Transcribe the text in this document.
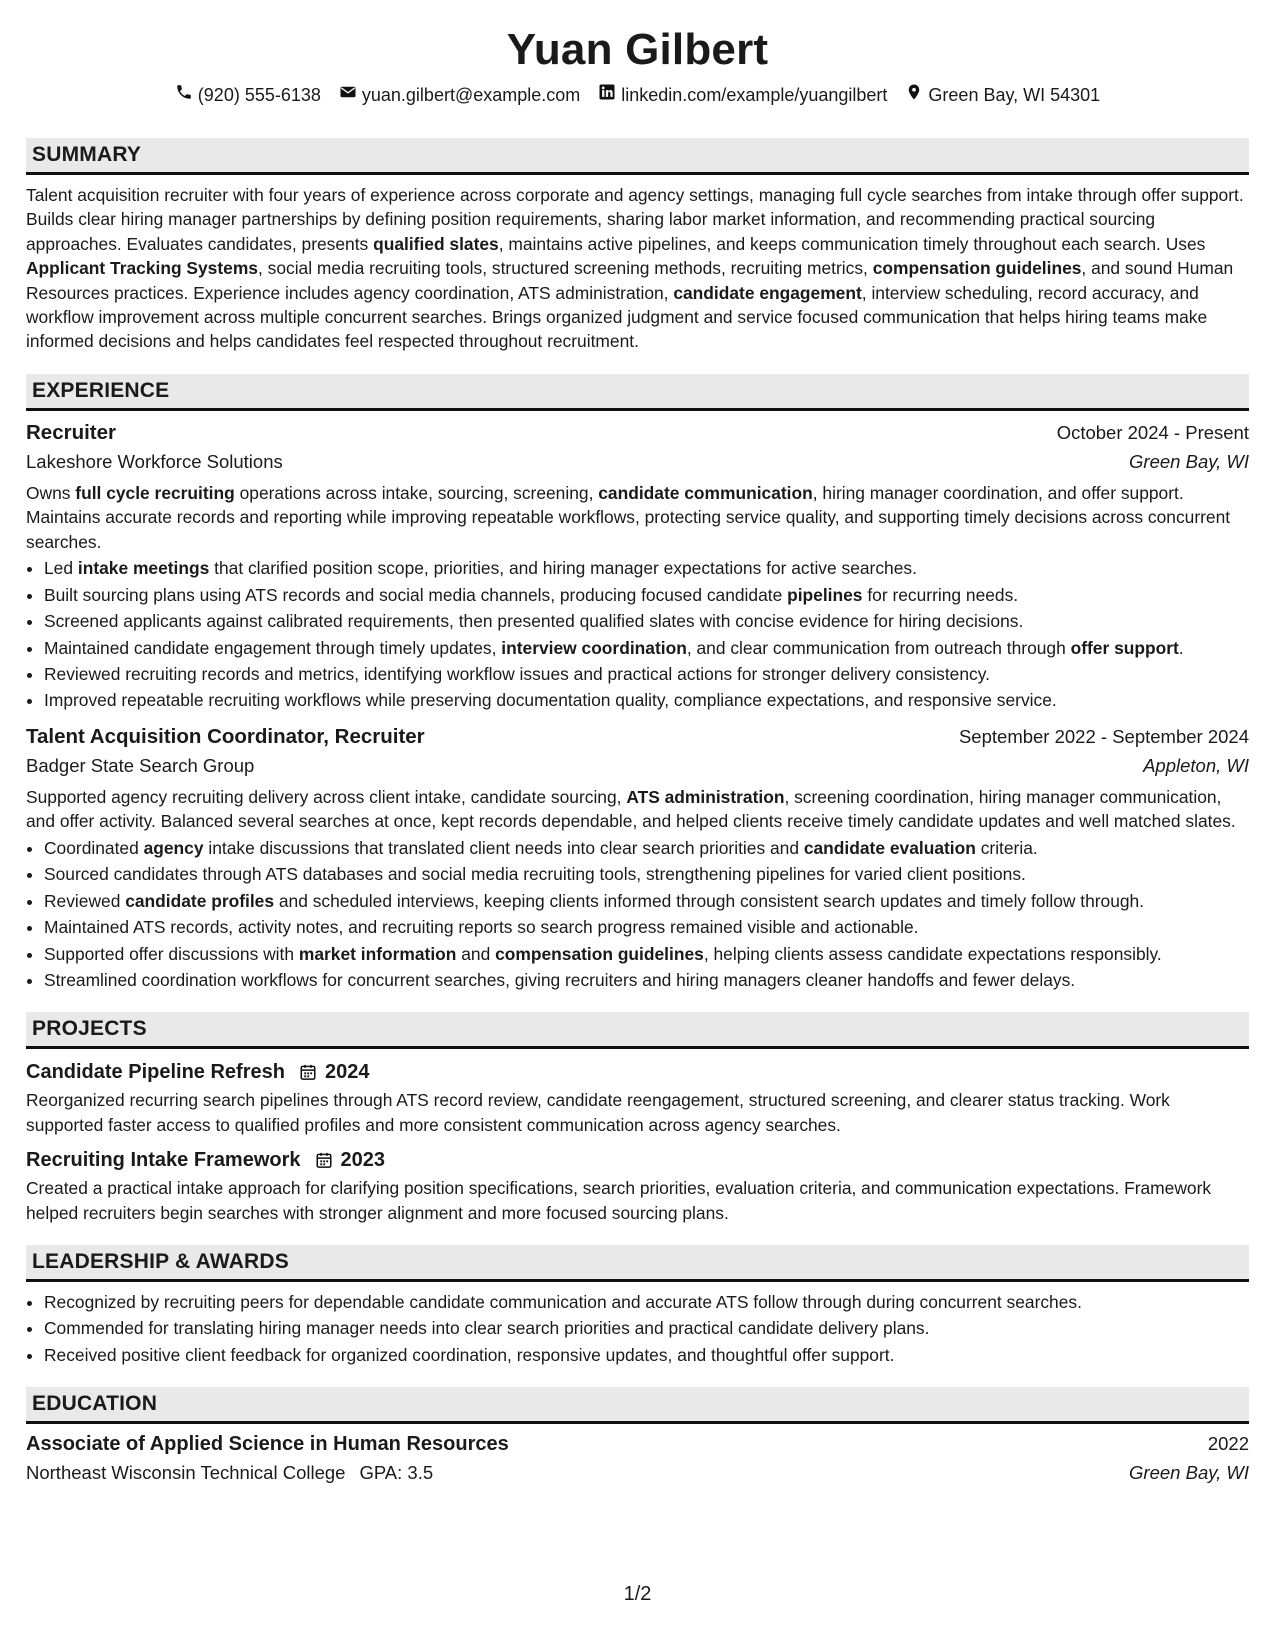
Yuan Gilbert
(920) 555-6138 yuan.gilbert@example.com linkedin.com/example/yuangilbert Green Bay, WI 54301
SUMMARY

Talent acquisition recruiter with four years of experience across corporate and agency settings, managing full cycle searches from intake through offer support. Builds clear hiring manager partnerships by defining position requirements, sharing labor market information, and recommending practical sourcing approaches. Evaluates candidates, presents qualified slates, maintains active pipelines, and keeps communication timely throughout each search. Uses Applicant Tracking Systems, social media recruiting tools, structured screening methods, recruiting metrics, compensation guidelines, and sound Human Resources practices. Experience includes agency coordination, ATS administration, candidate engagement, interview scheduling, record accuracy, and workflow improvement across multiple concurrent searches. Brings organized judgment and service focused communication that helps hiring teams make informed decisions and helps candidates feel respected throughout recruitment.

EXPERIENCE
Recruiter	October 2024 - Present
Lakeshore Workforce Solutions	Green Bay, WI

Owns full cycle recruiting operations across intake, sourcing, screening, candidate communication, hiring manager coordination, and offer support. Maintains accurate records and reporting while improving repeatable workflows, protecting service quality, and supporting timely decisions across concurrent searches.

• Led intake meetings that clarified position scope, priorities, and hiring manager expectations for active searches.
• Built sourcing plans using ATS records and social media channels, producing focused candidate pipelines for recurring needs.
• Screened applicants against calibrated requirements, then presented qualified slates with concise evidence for hiring decisions.
• Maintained candidate engagement through timely updates, interview coordination, and clear communication from outreach through offer support.
• Reviewed recruiting records and metrics, identifying workflow issues and practical actions for stronger delivery consistency.
• Improved repeatable recruiting workflows while preserving documentation quality, compliance expectations, and responsive service.
Talent Acquisition Coordinator, Recruiter	September 2022 - September 2024
Badger State Search Group	Appleton, WI

Supported agency recruiting delivery across client intake, candidate sourcing, ATS administration, screening coordination, hiring manager communication, and offer activity. Balanced several searches at once, kept records dependable, and helped clients receive timely candidate updates and well matched slates.

• Coordinated agency intake discussions that translated client needs into clear search priorities and candidate evaluation criteria.
• Sourced candidates through ATS databases and social media recruiting tools, strengthening pipelines for varied client positions.
• Reviewed candidate profiles and scheduled interviews, keeping clients informed through consistent search updates and timely follow through.
• Maintained ATS records, activity notes, and recruiting reports so search progress remained visible and actionable.
• Supported offer discussions with market information and compensation guidelines, helping clients assess candidate expectations responsibly.
• Streamlined coordination workflows for concurrent searches, giving recruiters and hiring managers cleaner handoffs and fewer delays.
PROJECTS
Candidate Pipeline Refresh 2024

Reorganized recurring search pipelines through ATS record review, candidate reengagement, structured screening, and clearer status tracking. Work supported faster access to qualified profiles and more consistent communication across agency searches.

Recruiting Intake Framework 2023

Created a practical intake approach for clarifying position specifications, search priorities, evaluation criteria, and communication expectations. Framework helped recruiters begin searches with stronger alignment and more focused sourcing plans.

LEADERSHIP & AWARDS
• Recognized by recruiting peers for dependable candidate communication and accurate ATS follow through during concurrent searches.
• Commended for translating hiring manager needs into clear search priorities and practical candidate delivery plans.
• Received positive client feedback for organized coordination, responsive updates, and thoughtful offer support.
EDUCATION
Associate of Applied Science in Human Resources	2022
Northeast Wisconsin Technical College GPA: 3.5	Green Bay, WI
1/2
